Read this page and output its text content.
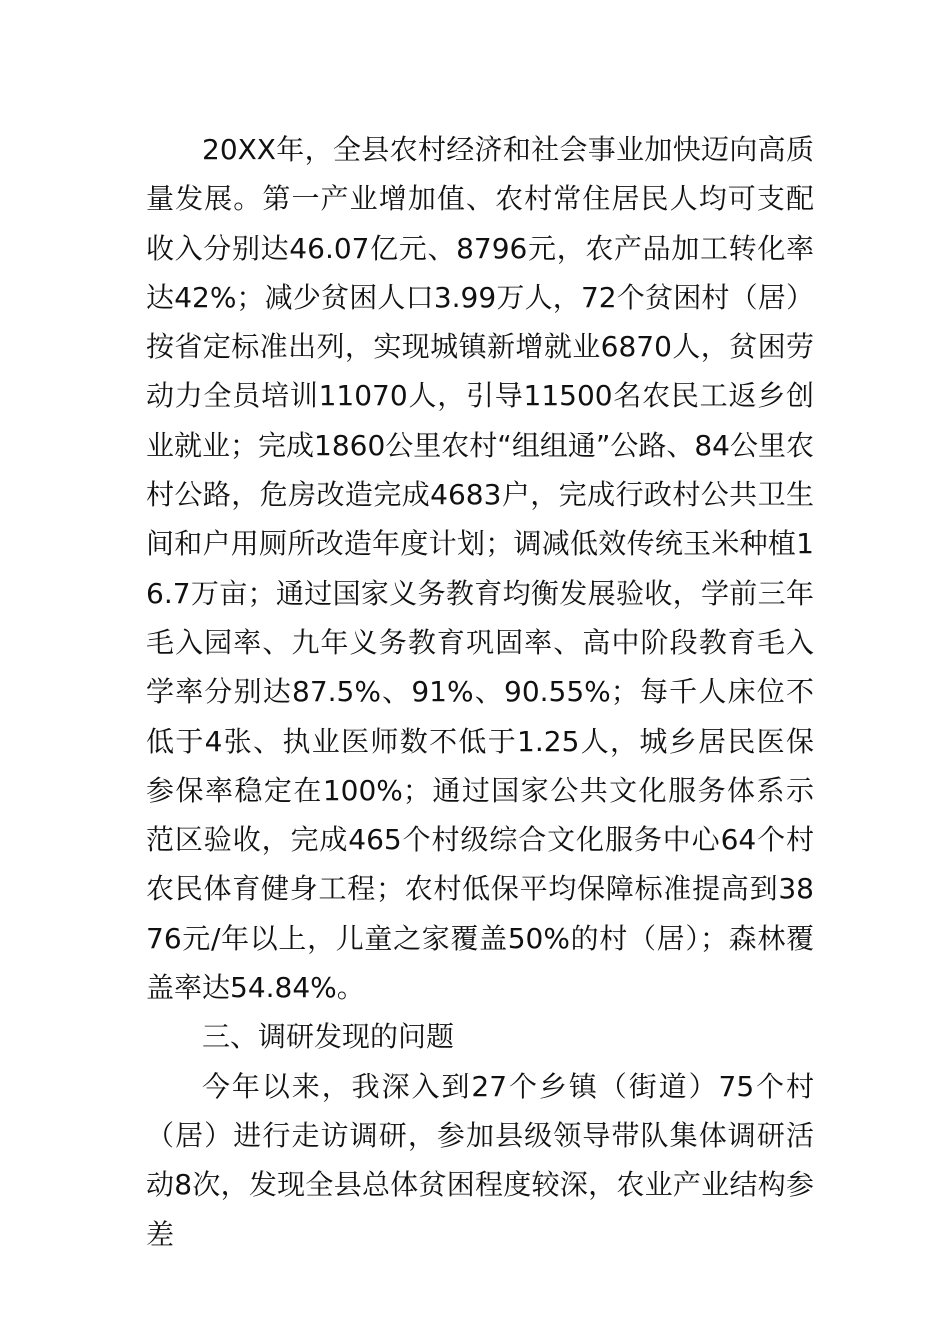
20XX年，全县农村经济和社会事业加快迈向高质量发展。第一产业增加值、农村常住居民人均可支配收入分别达46.07亿元、8796元，农产品加工转化率达42%；减少贫困人口3.99万人，72个贫困村（居）按省定标准出列，实现城镇新增就业6870人，贫困劳动力全员培训11070人，引导11500名农民工返乡创业就业；完成1860公里农村“组组通”公路、84公里农村公路，危房改造完成4683户，完成行政村公共卫生间和户用厕所改造年度计划；调减低效传统玉米种植16.7万亩；通过国家义务教育均衡发展验收，学前三年毛入园率、九年义务教育巩固率、高中阶段教育毛入学率分别达87.5%、91%、90.55%；每千人床位不低于4张、执业医师数不低于1.25人，城乡居民医保参保率稳定在100%；通过国家公共文化服务体系示范区验收，完成465个村级综合文化服务中心64个村农民体育健身工程；农村低保平均保障标准提高到3876元/年以上，儿童之家覆盖50%的村（居）；森林覆盖率达54.84%。

三、调研发现的问题

今年以来，我深入到27个乡镇（街道）75个村（居）进行走访调研，参加县级领导带队集体调研活动8次，发现全县总体贫困程度较深，农业产业结构参差
